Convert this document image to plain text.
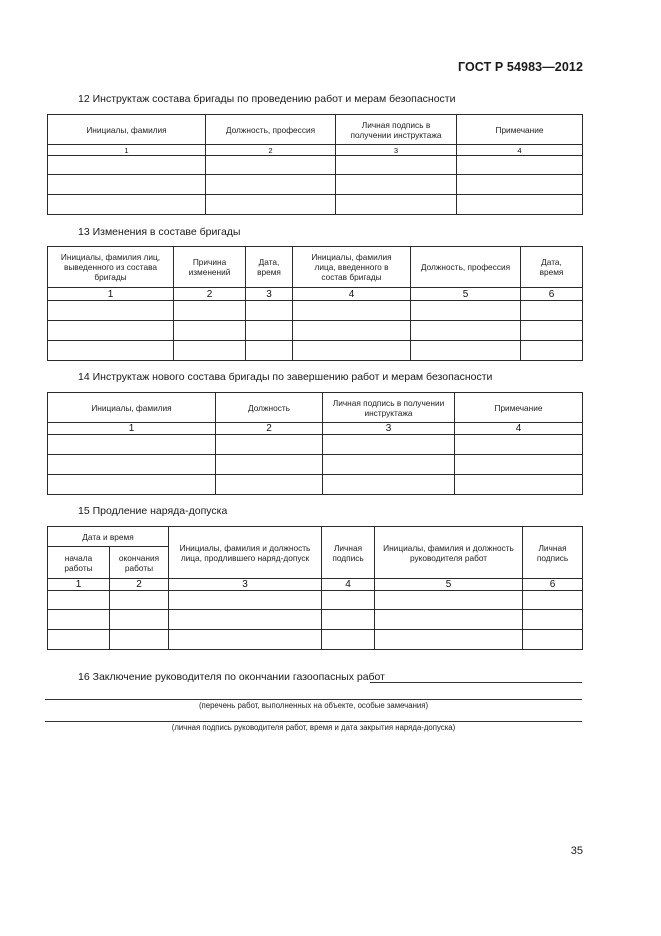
ГОСТ Р 54983—2012
12 Инструктаж состава бригады по проведению работ и мерам безопасности
Инициалы, фамилия	Должность, профессия	Личная подпись в получении инструктажа	Примечание
1	2	3	4

13 Изменения в составе бригады
Инициалы, фамилия лиц, выведенного из состава бригады	Причина изменений	Дата, время	Инициалы, фамилия лица, введенного в состав бригады	Должность, профессия	Дата, время
1	2	3	4	5	6

14 Инструктаж нового состава бригады по завершению работ и мерам безопасности
Инициалы, фамилия	Должность	Личная подпись в получении инструктажа	Примечание
1	2	3	4

15 Продление наряда-допуска
Дата и время		Инициалы, фамилия и должность лица, продлившего наряд-допуск	Личная подпись	Инициалы, фамилия и должность руководителя работ	Личная подпись
начала работы	окончания работы				
1	2	3	4	5	6

16 Заключение руководителя по окончании газоопасных работ
(перечень работ, выполненных на объекте, особые замечания)
(личная подпись руководителя работ, время и дата закрытия наряда-допуска)
35
